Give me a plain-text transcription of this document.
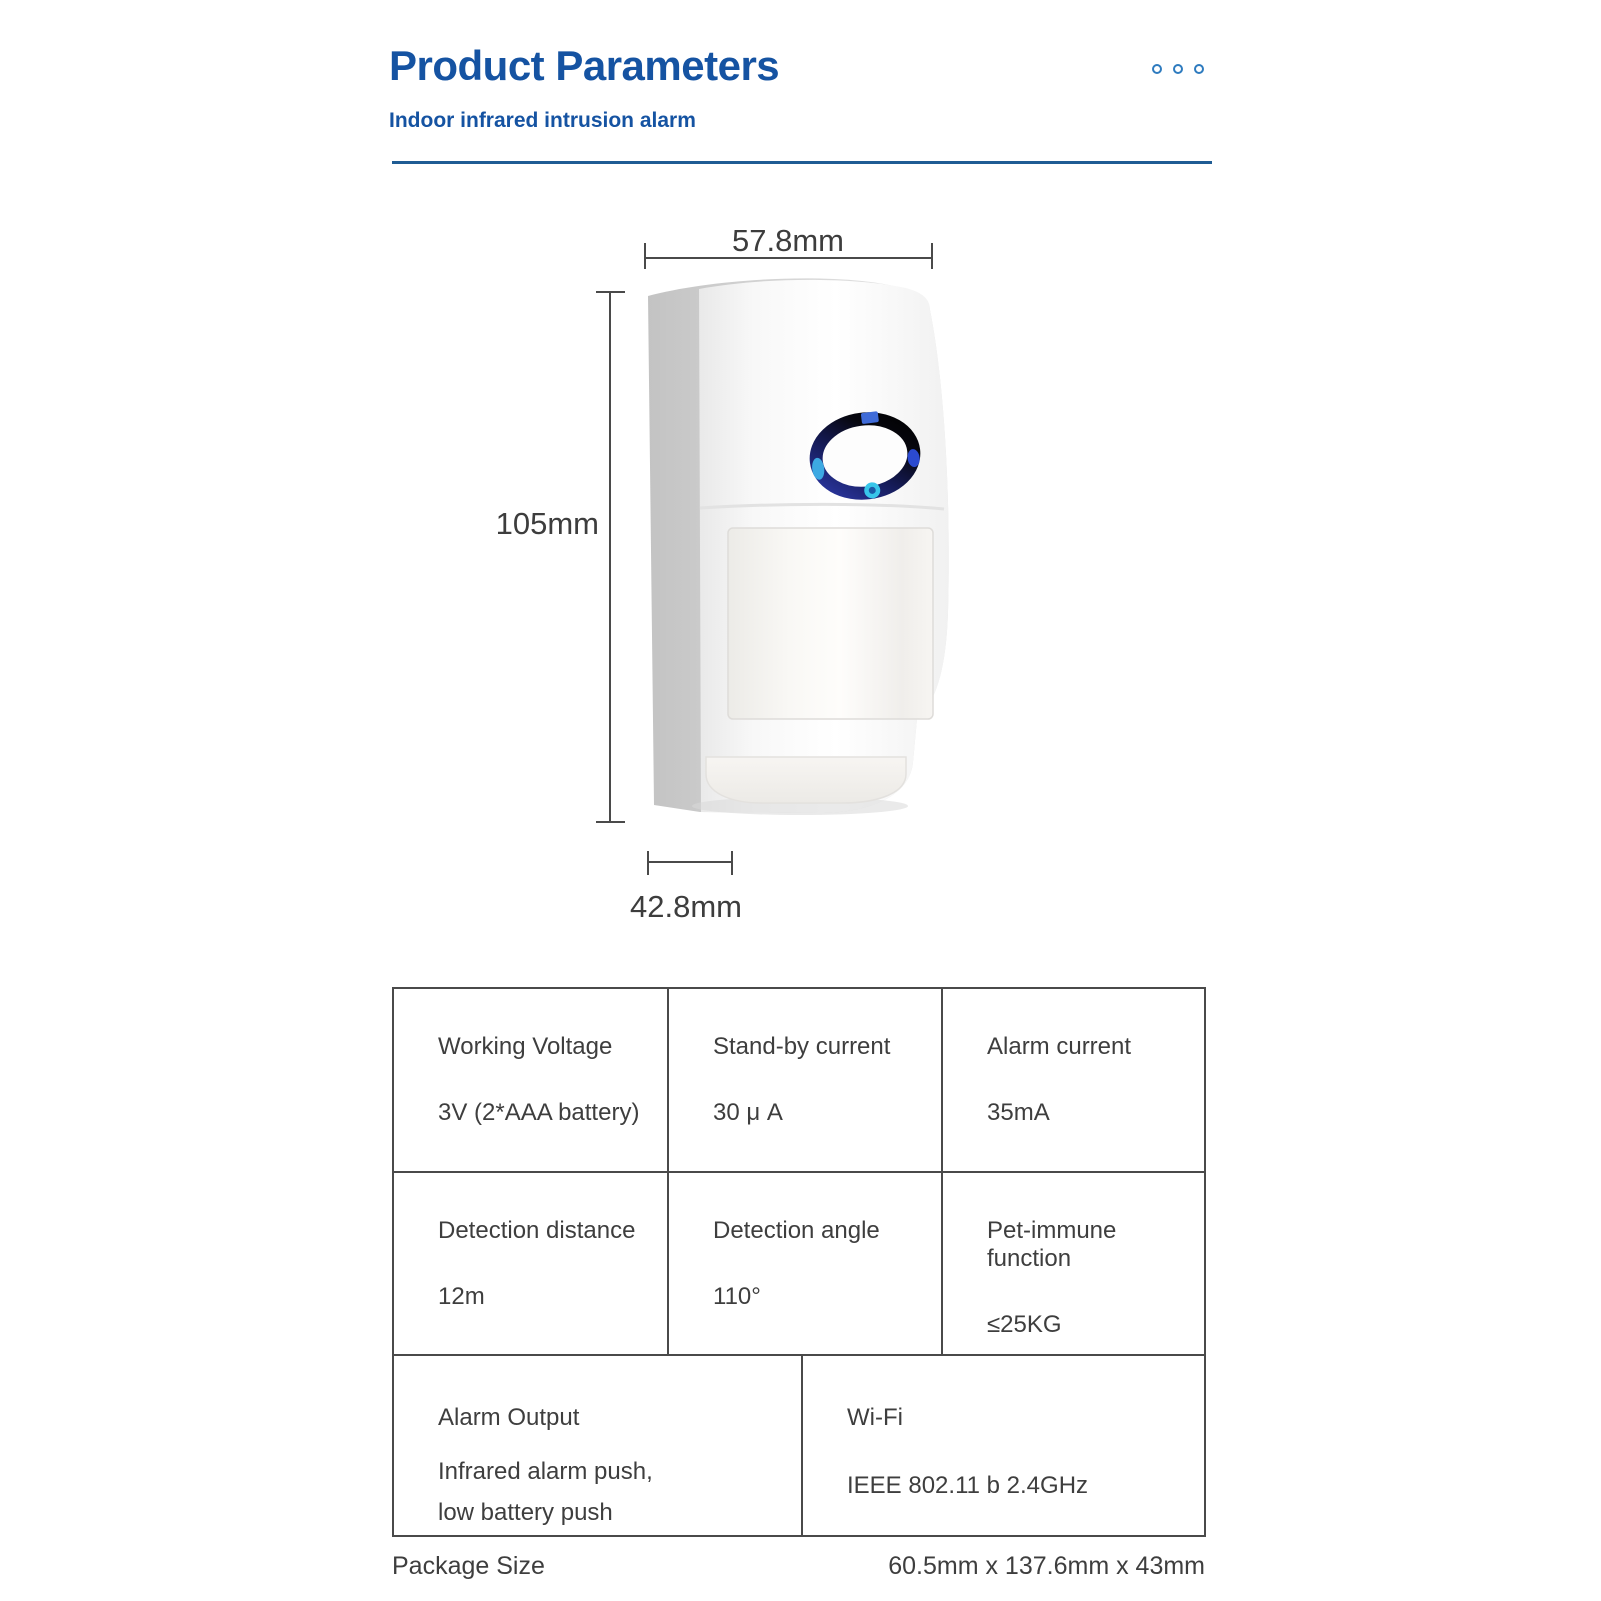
Product Parameters
Indoor infrared intrusion alarm
57.8mm
105mm
42.8mm
Working Voltage
3V (2*AAA battery)
Stand-by current
30 μ A
Alarm current
35mA
Detection distance
12m
Detection angle
110°
Pet-immune function
≤25KG
Alarm Output
Infrared alarm push,
low battery push
Wi-Fi
IEEE 802.11 b 2.4GHz
Package Size	60.5mm x 137.6mm x 43mm
